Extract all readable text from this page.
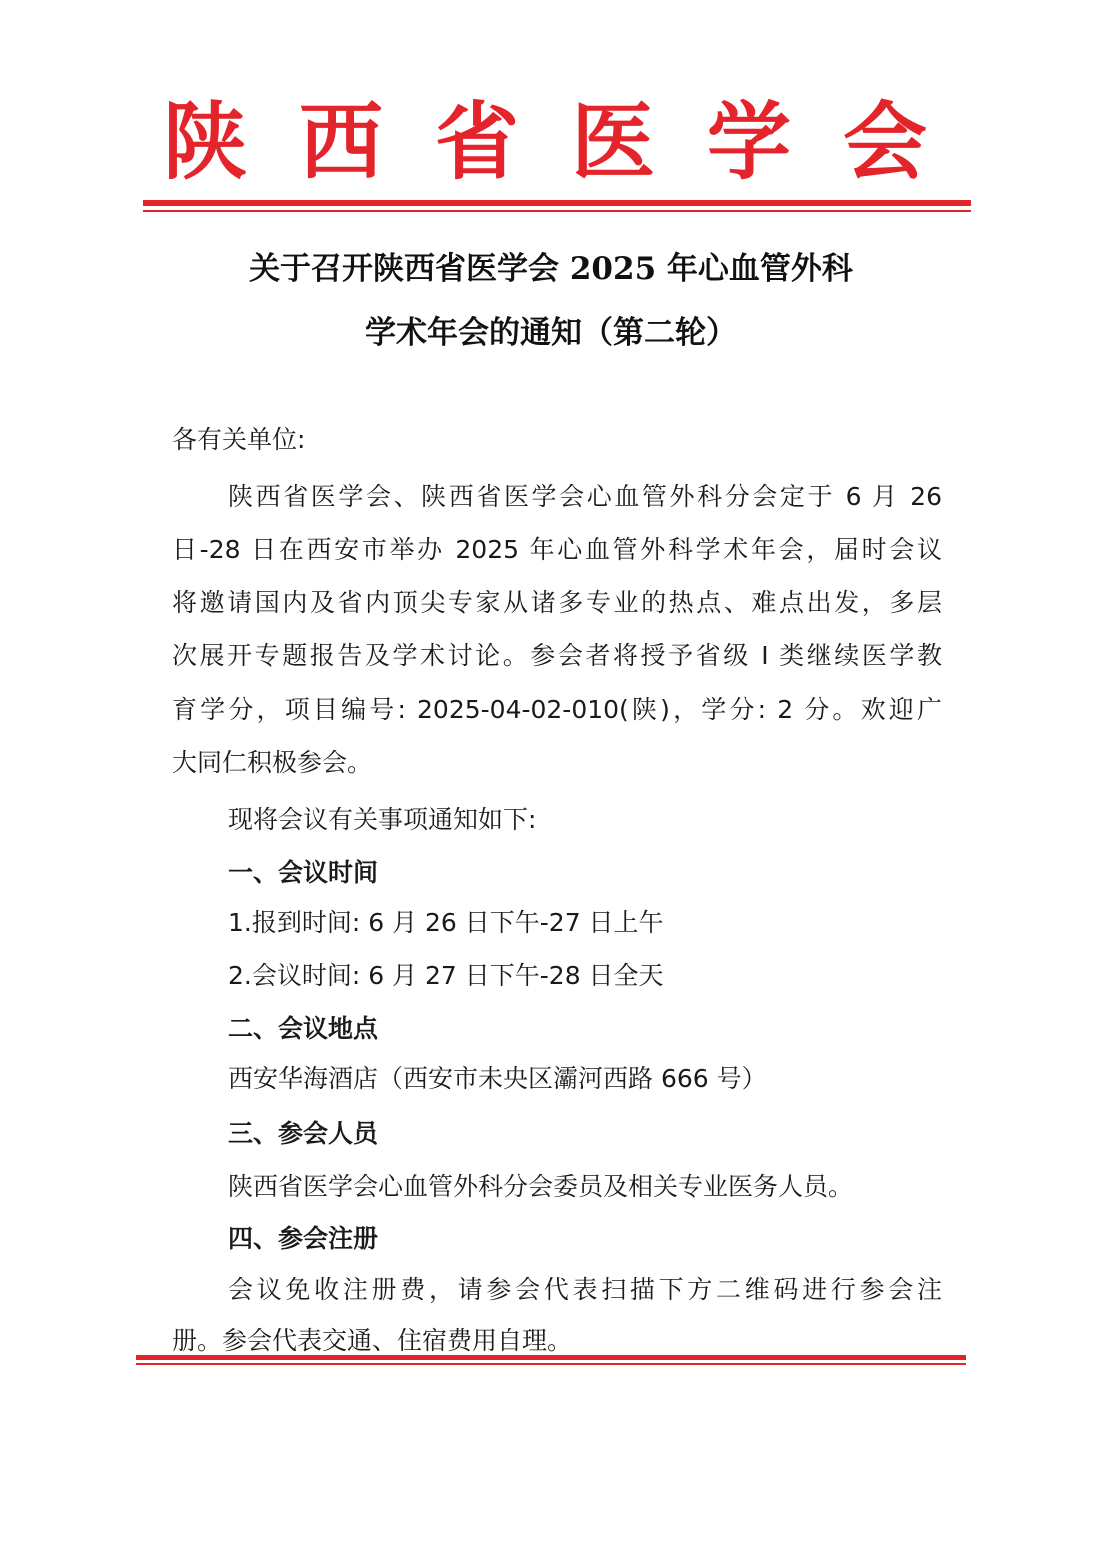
陕西省医学会
关于召开陕西省医学会 2025 年心血管外科
学术年会的通知（第二轮）
各有关单位:
陕西省医学会、陕西省医学会心血管外科分会定于 6 月 26
日-28 日在西安市举办 2025 年心血管外科学术年会，届时会议
将邀请国内及省内顶尖专家从诸多专业的热点、难点出发，多层
次展开专题报告及学术讨论。参会者将授予省级 I 类继续医学教
育学分，项目编号: 2025-04-02-010(陕)，学分: 2 分。欢迎广
大同仁积极参会。
现将会议有关事项通知如下:
一、会议时间
1.报到时间: 6 月 26 日下午-27 日上午
2.会议时间: 6 月 27 日下午-28 日全天
二、会议地点
西安华海酒店（西安市未央区灞河西路 666 号）
三、参会人员
陕西省医学会心血管外科分会委员及相关专业医务人员。
四、参会注册
会议免收注册费，请参会代表扫描下方二维码进行参会注
册。参会代表交通、住宿费用自理。
